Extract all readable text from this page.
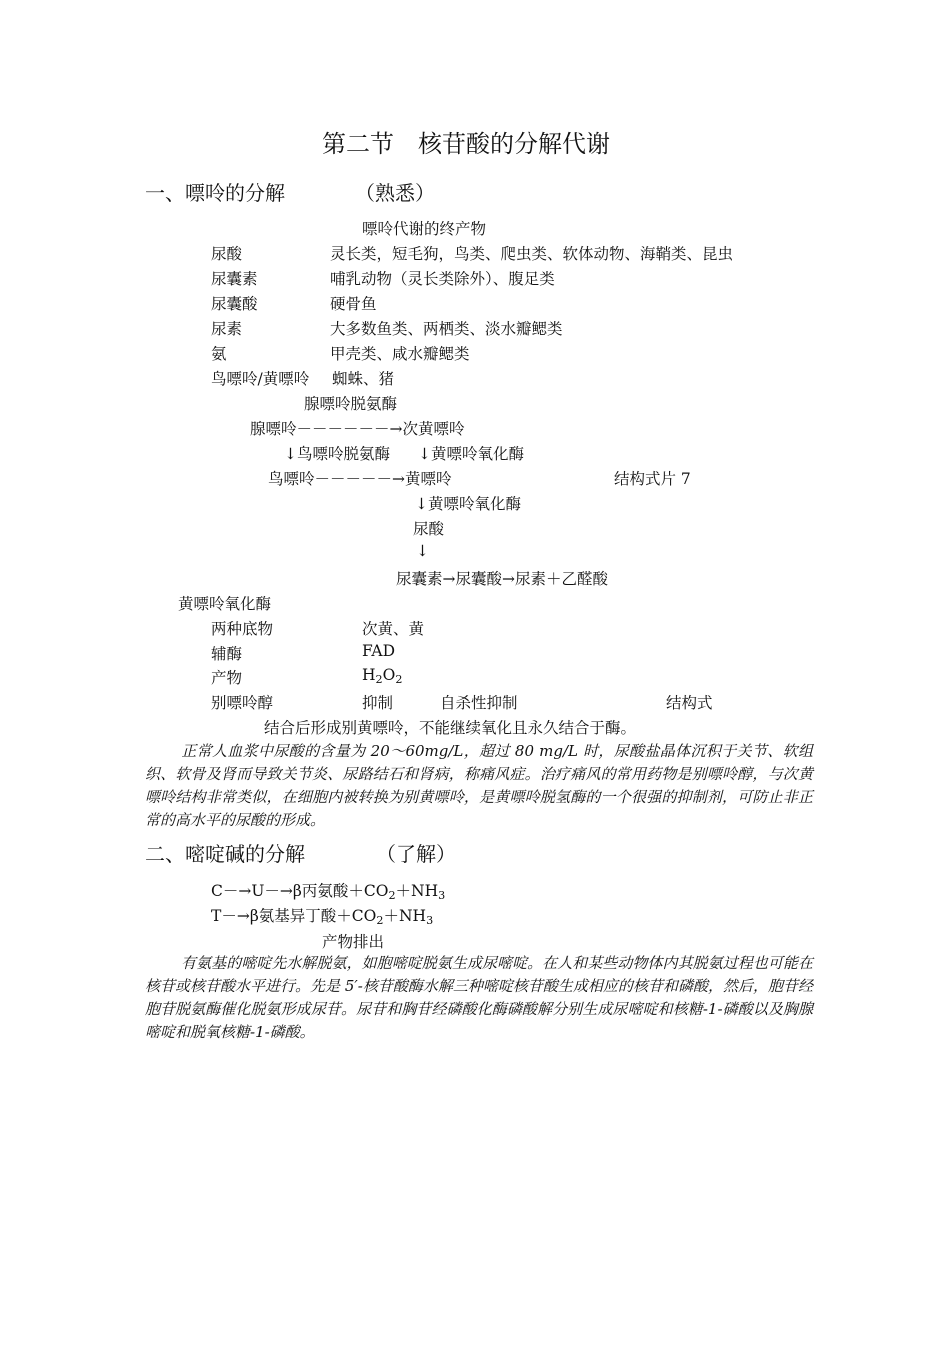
第二节　核苷酸的分解代谢
一、嘌呤的分解	（熟悉）
嘌呤代谢的终产物
尿酸	灵长类，短毛狗，鸟类、爬虫类、软体动物、海鞘类、昆虫
尿囊素	哺乳动物（灵长类除外）、腹足类
尿囊酸	硬骨鱼
尿素	大多数鱼类、两栖类、淡水瓣鳃类
氨	甲壳类、咸水瓣鳃类
鸟嘌呤/黄嘌呤 蜘蛛、猪
腺嘌呤脱氨酶
腺嘌呤－－－－－－→次黄嘌呤
↓鸟嘌呤脱氨酶 ↓黄嘌呤氧化酶
鸟嘌呤－－－－－→黄嘌呤	结构式片 7
↓黄嘌呤氧化酶
尿酸
↓
尿囊素→尿囊酸→尿素＋乙醛酸
黄嘌呤氧化酶
两种底物	次黄、黄
辅酶	FAD
产物	$H_2O_2$
别嘌呤醇	抑制	自杀性抑制	结构式
结合后形成别黄嘌呤，不能继续氧化且永久结合于酶。
正常人血浆中尿酸的含量为 20～60mg/L，超过 80 mg/L 时，尿酸盐晶体沉积于关节、软组织、软骨及肾而导致关节炎、尿路结石和肾病，称痛风症。治疗痛风的常用药物是别嘌呤醇，与次黄嘌呤结构非常类似，在细胞内被转换为别黄嘌呤，是黄嘌呤脱氢酶的一个很强的抑制剂，可防止非正常的高水平的尿酸的形成。
二、嘧啶碱的分解	（了解）
C－→U－→β丙氨酸$+CO_2+NH_3$
T－→β氨基异丁酸$+CO_2+NH_3$
产物排出
有氨基的嘧啶先水解脱氨，如胞嘧啶脱氨生成尿嘧啶。在人和某些动物体内其脱氨过程也可能在核苷或核苷酸水平进行。先是 5′-核苷酸酶水解三种嘧啶核苷酸生成相应的核苷和磷酸，然后，胞苷经胞苷脱氨酶催化脱氨形成尿苷。尿苷和胸苷经磷酸化酶磷酸解分别生成尿嘧啶和核糖-1-磷酸以及胸腺嘧啶和脱氧核糖-1-磷酸。
